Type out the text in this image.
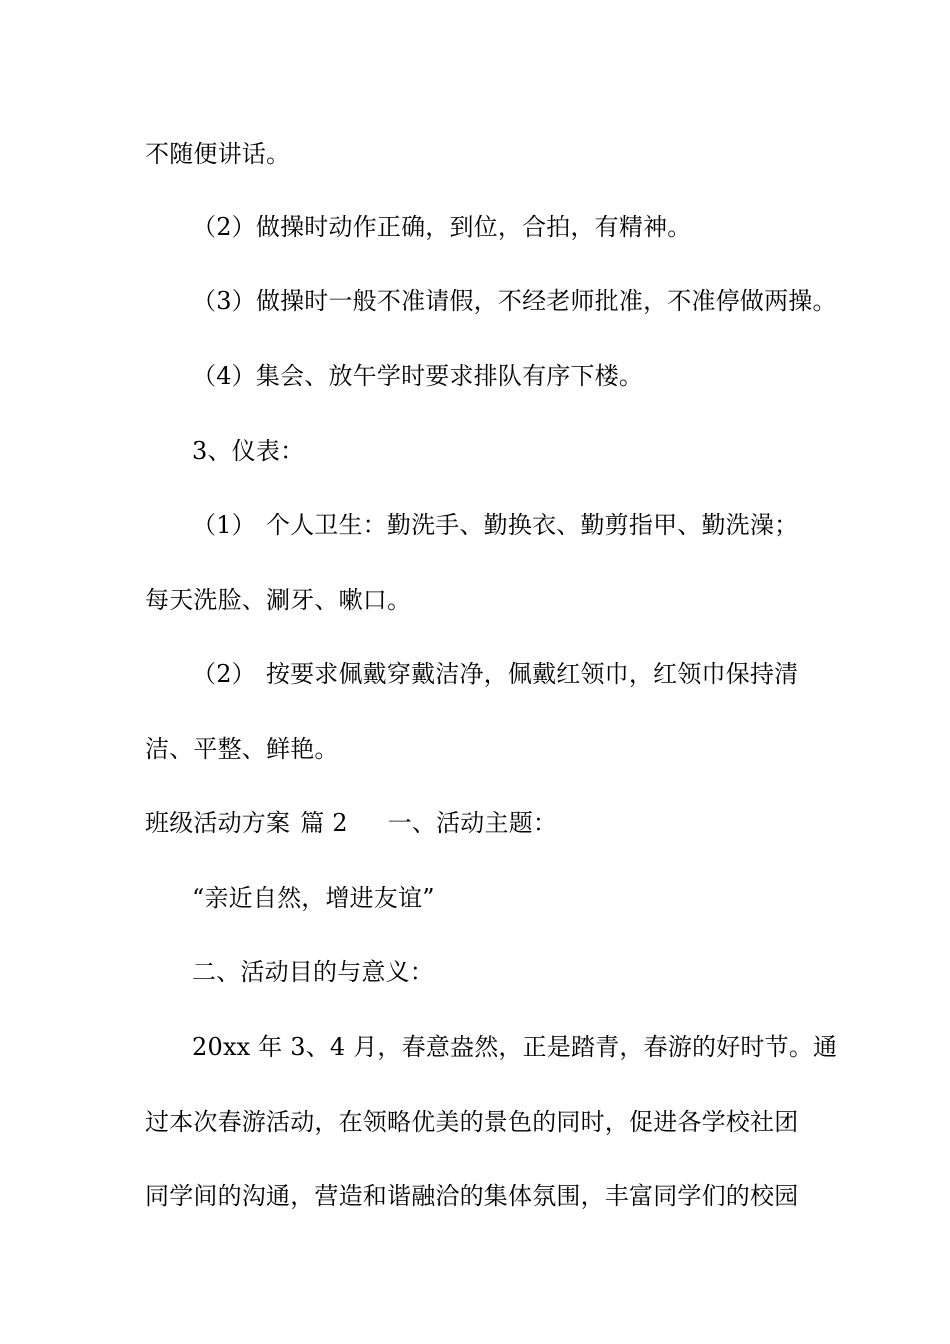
不随便讲话。
（2）做操时动作正确，到位，合拍，有精神。
（3）做操时一般不准请假，不经老师批准，不准停做两操。
（4）集会、放午学时要求排队有序下楼。
3、仪表：
（1） 个人卫生：勤洗手、勤换衣、勤剪指甲、勤洗澡；
每天洗脸、涮牙、嗽口。
（2） 按要求佩戴穿戴洁净，佩戴红领巾，红领巾保持清
洁、平整、鲜艳。
班级活动方案 篇 2 一、活动主题：
“亲近自然，增进友谊”
二、活动目的与意义：
20xx 年 3、4 月，春意盎然，正是踏青，春游的好时节。通
过本次春游活动，在领略优美的景色的同时，促进各学校社团
同学间的沟通，营造和谐融洽的集体氛围，丰富同学们的校园
